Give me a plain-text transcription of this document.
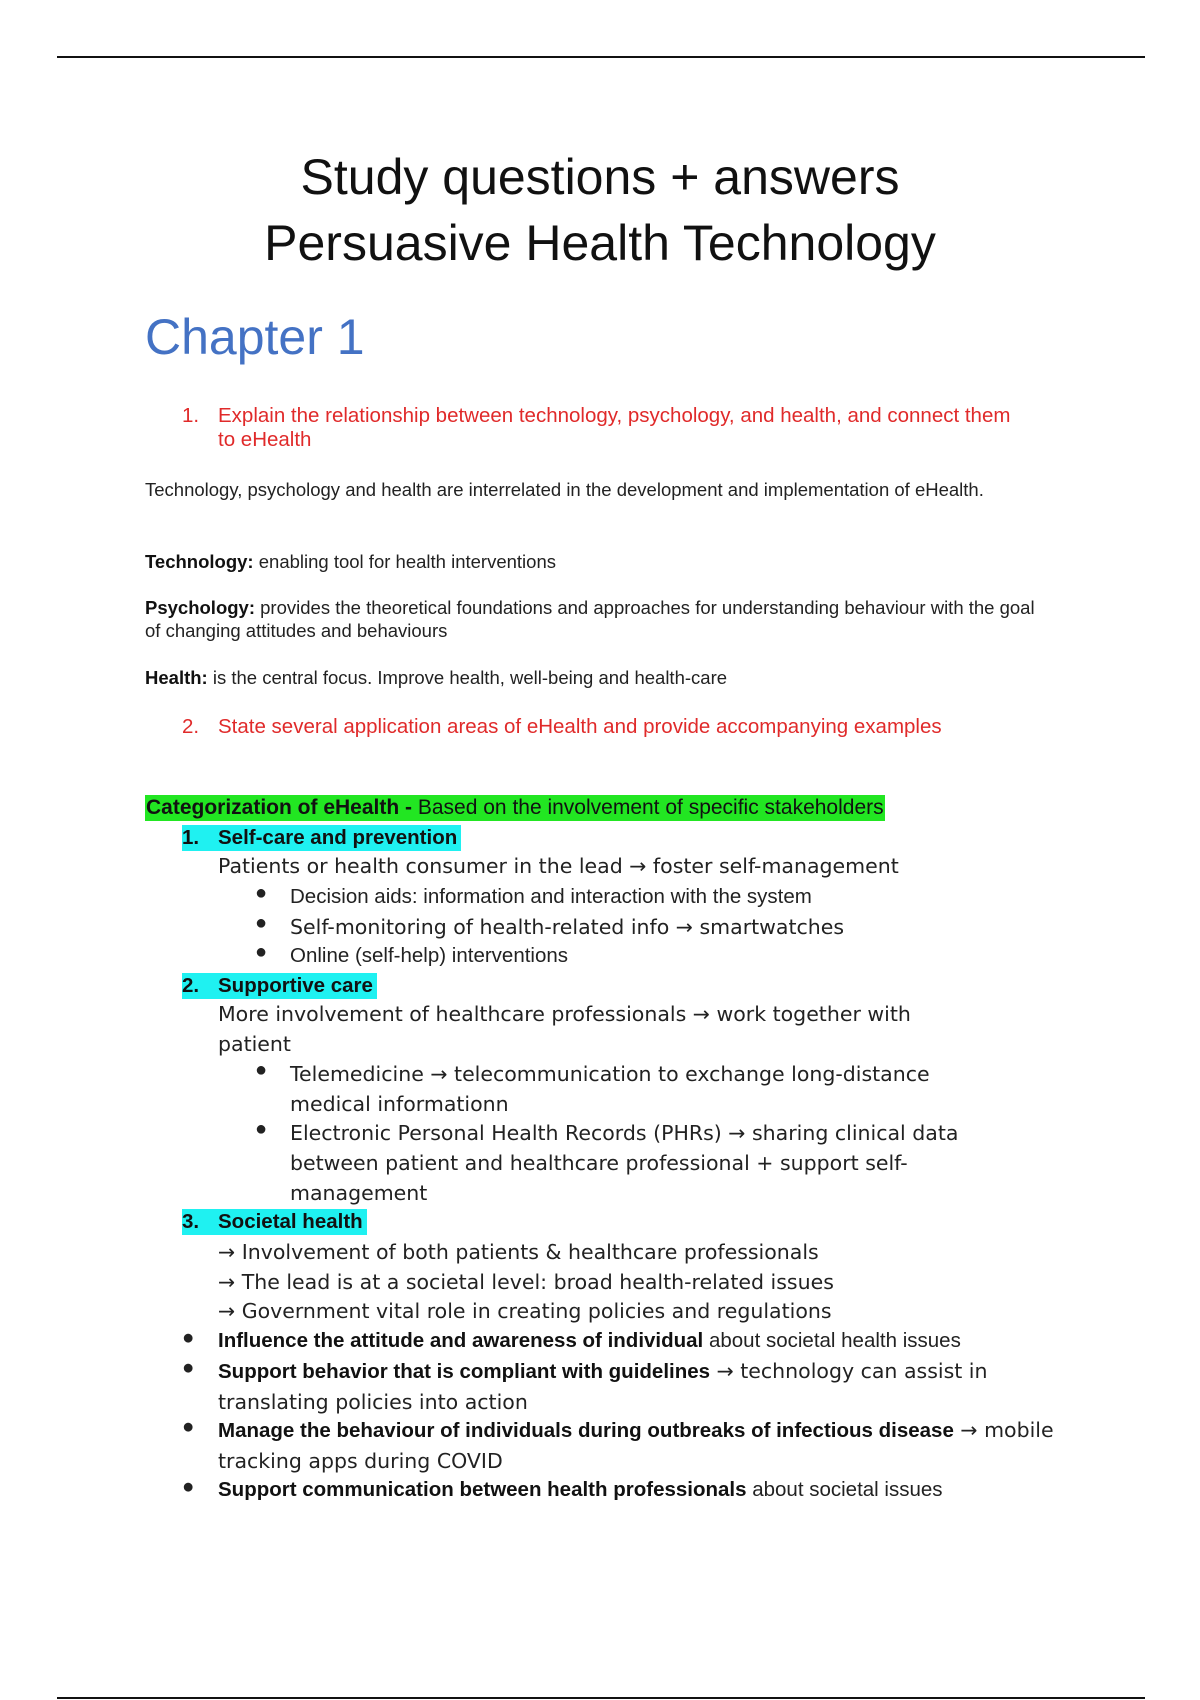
Study questions + answers
Persuasive Health Technology
Chapter 1
1. Explain the relationship between technology, psychology, and health, and connect them to eHealth
Technology, psychology and health are interrelated in the development and implementation of eHealth.
Technology: enabling tool for health interventions
Psychology: provides the theoretical foundations and approaches for understanding behaviour with the goal of changing attitudes and behaviours
Health: is the central focus. Improve health, well-being and health-care
2. State several application areas of eHealth and provide accompanying examples
Categorization of eHealth - Based on the involvement of specific stakeholders
1. Self-care and prevention
Patients or health consumer in the lead → foster self-management
● Decision aids: information and interaction with the system
● Self-monitoring of health-related info → smartwatches
● Online (self-help) interventions
2. Supportive care
More involvement of healthcare professionals → work together with
patient
● Telemedicine → telecommunication to exchange long-distance medical informationn
● Electronic Personal Health Records (PHRs) → sharing clinical data between patient and healthcare professional + support self-management
3. Societal health
→ Involvement of both patients & healthcare professionals
→ The lead is at a societal level: broad health-related issues
→ Government vital role in creating policies and regulations
● Influence the attitude and awareness of individual about societal health issues
● Support behavior that is compliant with guidelines → technology can assist in translating policies into action
● Manage the behaviour of individuals during outbreaks of infectious disease → mobile tracking apps during COVID
● Support communication between health professionals about societal issues
